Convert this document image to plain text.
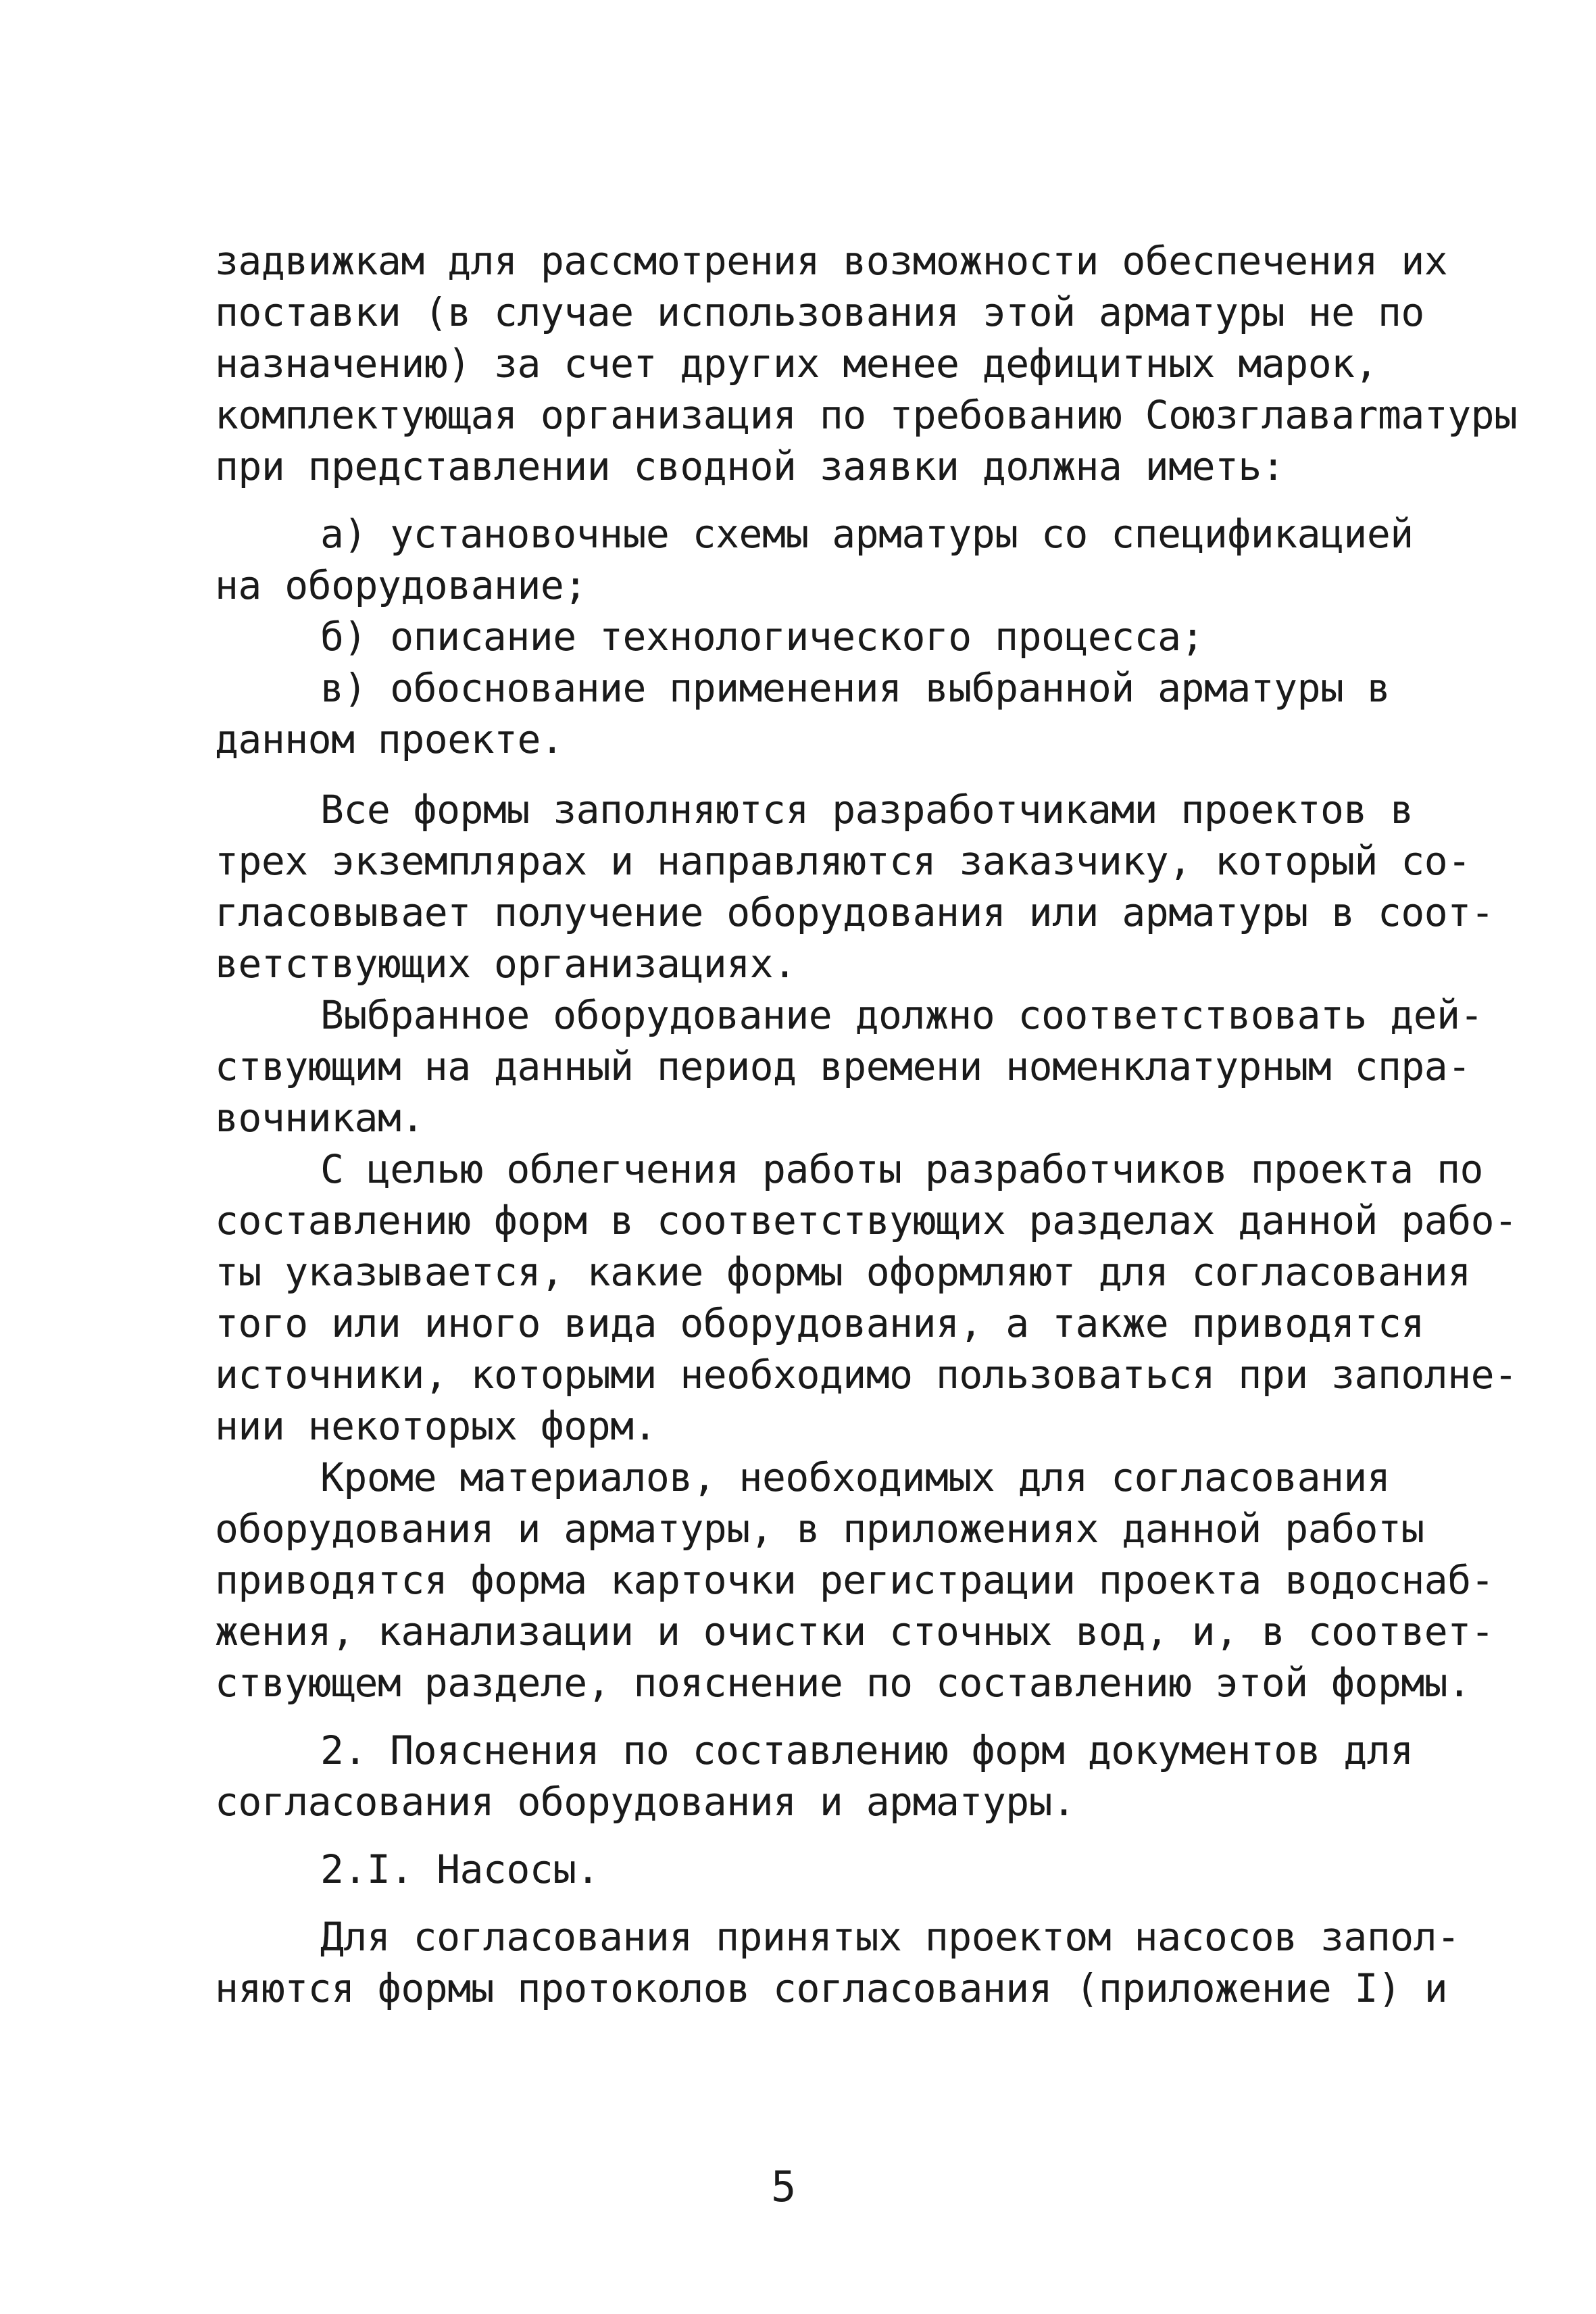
задвижкам для рассмотрения возможности обеспечения их
поставки (в случае использования этой арматуры не по
назначению) за счет других менее дефицитных марок,
комплектующая организация по требованию Союзглавarmатуры
при представлении сводной заявки должна иметь:
а) установочные схемы арматуры со спецификацией
на оборудование;
б) описание технологического процесса;
в) обоснование применения выбранной арматуры в
данном проекте.
Все формы заполняются разработчиками проектов в
трех экземплярах и направляются заказчику, который со-
гласовывает получение оборудования или арматуры в соот-
ветствующих организациях.
Выбранное оборудование должно соответствовать дей-
ствующим на данный период времени номенклатурным спра-
вочникам.
С целью облегчения работы разработчиков проекта по
составлению форм в соответствующих разделах данной рабо-
ты указывается, какие формы оформляют для согласования
того или иного вида оборудования, а также приводятся
источники, которыми необходимо пользоваться при заполне-
нии некоторых форм.
Кроме материалов, необходимых для согласования
оборудования и арматуры, в приложениях данной работы
приводятся форма карточки регистрации проекта водоснаб-
жения, канализации и очистки сточных вод, и, в соответ-
ствующем разделе, пояснение по составлению этой формы.
2. Пояснения по составлению форм документов для
согласования оборудования и арматуры.
2.I. Насосы.
Для согласования принятых проектом насосов запол-
няются формы протоколов согласования (приложение I) и
5
